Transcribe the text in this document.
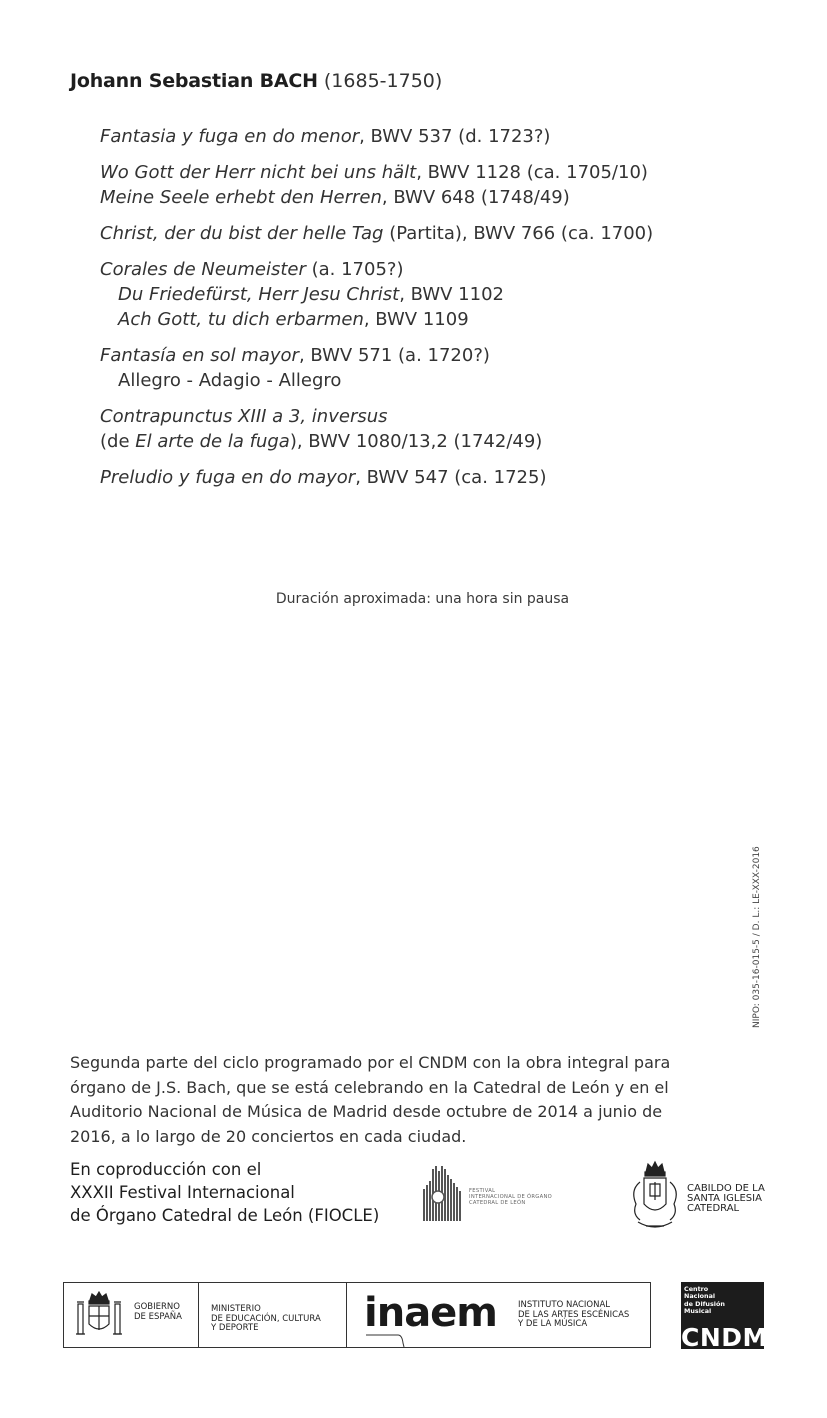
Johann Sebastian BACH (1685-1750)
Fantasia y fuga en do menor, BWV 537 (d. 1723?)
Wo Gott der Herr nicht bei uns hält, BWV 1128 (ca. 1705/10)
Meine Seele erhebt den Herren, BWV 648 (1748/49)
Christ, der du bist der helle Tag (Partita), BWV 766 (ca. 1700)
Corales de Neumeister (a. 1705?)
Du Friedefürst, Herr Jesu Christ, BWV 1102
Ach Gott, tu dich erbarmen, BWV 1109
Fantasía en sol mayor, BWV 571 (a. 1720?)
Allegro - Adagio - Allegro
Contrapunctus XIII a 3, inversus
(de El arte de la fuga), BWV 1080/13,2 (1742/49)
Preludio y fuga en do mayor, BWV 547 (ca. 1725)
Duración aproximada: una hora sin pausa
NIPO: 035-16-015-5 / D. L.: LE-XXX-2016
Segunda parte del ciclo programado por el CNDM con la obra integral para
órgano de J.S. Bach, que se está celebrando en la Catedral de León y en el
Auditorio Nacional de Música de Madrid desde octubre de 2014 a junio de
2016, a lo largo de 20 conciertos en cada ciudad.
En coproducción con el
XXXII Festival Internacional
de Órgano Catedral de León (FIOCLE)
FESTIVAL
INTERNACIONAL DE ÓRGANO
CATEDRAL DE LEÓN
CABILDO DE LA
SANTA IGLESIA
CATEDRAL
GOBIERNO
DE ESPAÑA
MINISTERIO
DE EDUCACIÓN, CULTURA
Y DEPORTE	inaem INSTITUTO NACIONAL
DE LAS ARTES ESCÉNICAS
Y DE LA MÚSICA
Centro
Nacional
de Difusión
Musical
CNDM
